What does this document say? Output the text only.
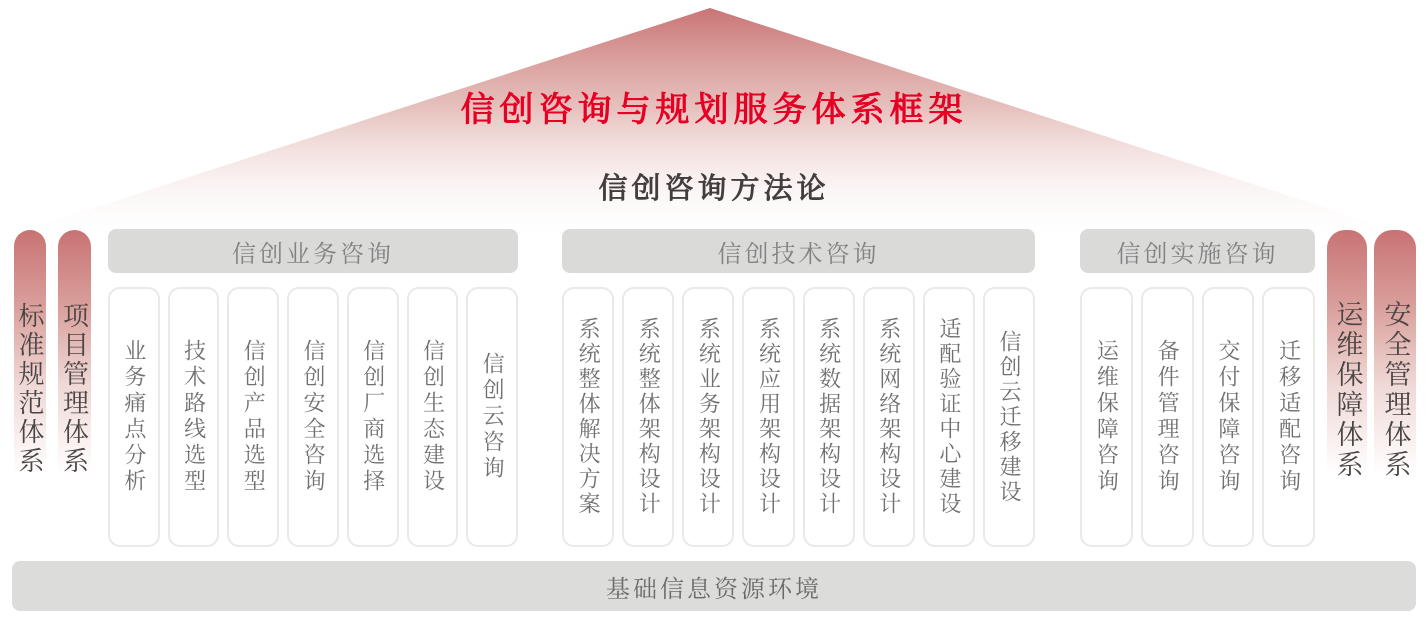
信创咨询与规划服务体系框架
信创咨询方法论
标准规范体系 项目管理体系
信创业务咨询
业务痛点分析 技术路线选型 信创产品选型 信创安全咨询 信创厂商选择 信创生态建设 信创云咨询
信创技术咨询
系统整体解决方案 系统整体架构设计 系统业务架构设计 系统应用架构设计 系统数据架构设计 系统网络架构设计 适配验证中心建设 信创云迁移建设
信创实施咨询
运维保障咨询 备件管理咨询 交付保障咨询 迁移适配咨询 运维保障体系 安全管理体系
基础信息资源环境
